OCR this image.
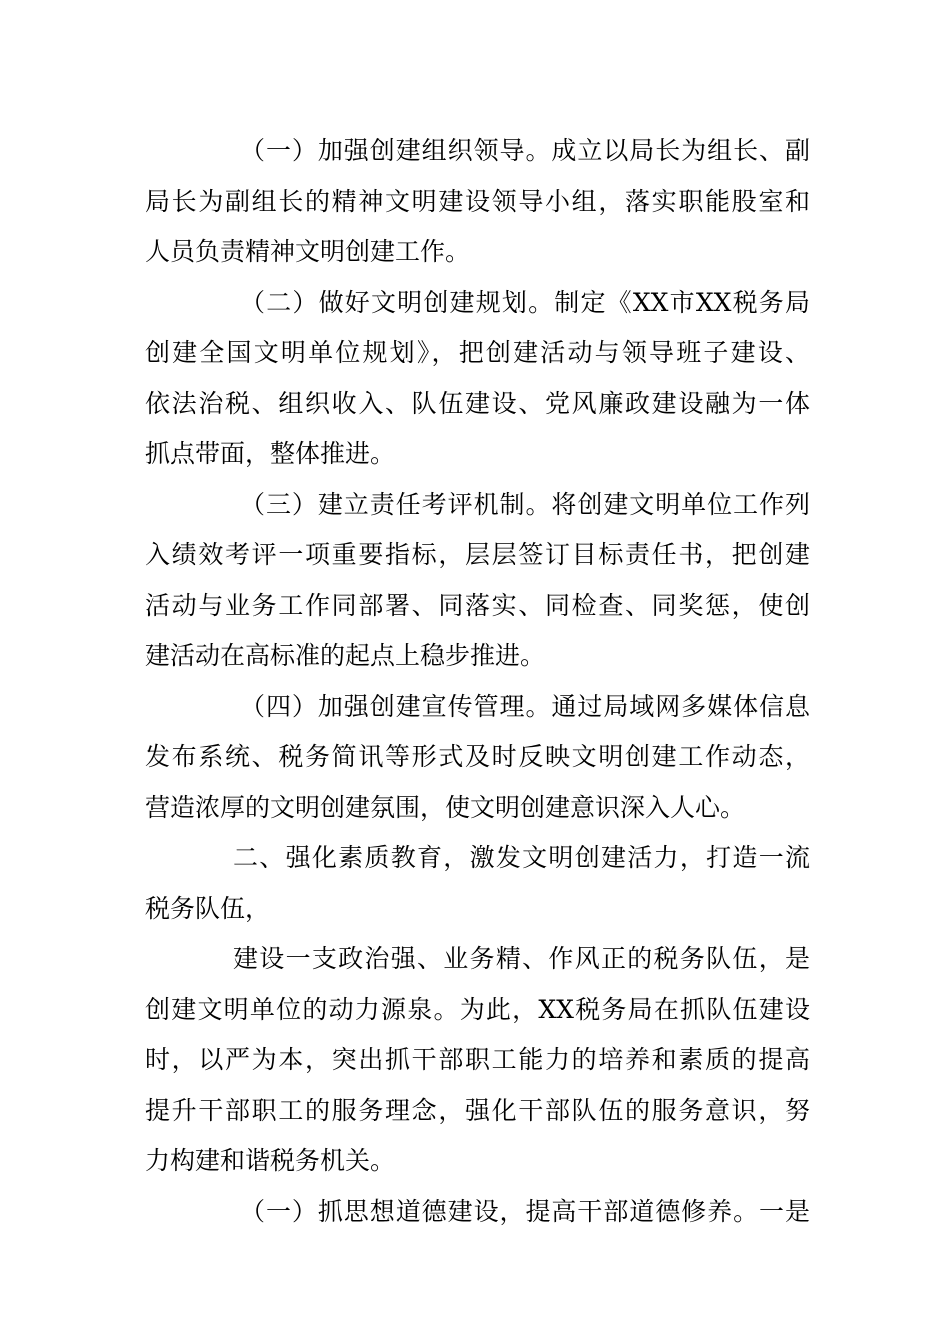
（一）加强创建组织领导。成立以局长为组长、副
局长为副组长的精神文明建设领导小组，落实职能股室和
人员负责精神文明创建工作。

（二）做好文明创建规划。制定《XX市XX税务局
创建全国文明单位规划》，把创建活动与领导班子建设、
依法治税、组织收入、队伍建设、党风廉政建设融为一体
抓点带面，整体推进。

（三）建立责任考评机制。将创建文明单位工作列
入绩效考评一项重要指标，层层签订目标责任书，把创建
活动与业务工作同部署、同落实、同检查、同奖惩，使创
建活动在高标准的起点上稳步推进。

（四）加强创建宣传管理。通过局域网多媒体信息
发布系统、税务简讯等形式及时反映文明创建工作动态，
营造浓厚的文明创建氛围，使文明创建意识深入人心。

二、强化素质教育，激发文明创建活力，打造一流
税务队伍，

建设一支政治强、业务精、作风正的税务队伍，是
创建文明单位的动力源泉。为此，XX税务局在抓队伍建设
时，以严为本，突出抓干部职工能力的培养和素质的提高
提升干部职工的服务理念，强化干部队伍的服务意识，努
力构建和谐税务机关。

（一）抓思想道德建设，提高干部道德修养。一是
